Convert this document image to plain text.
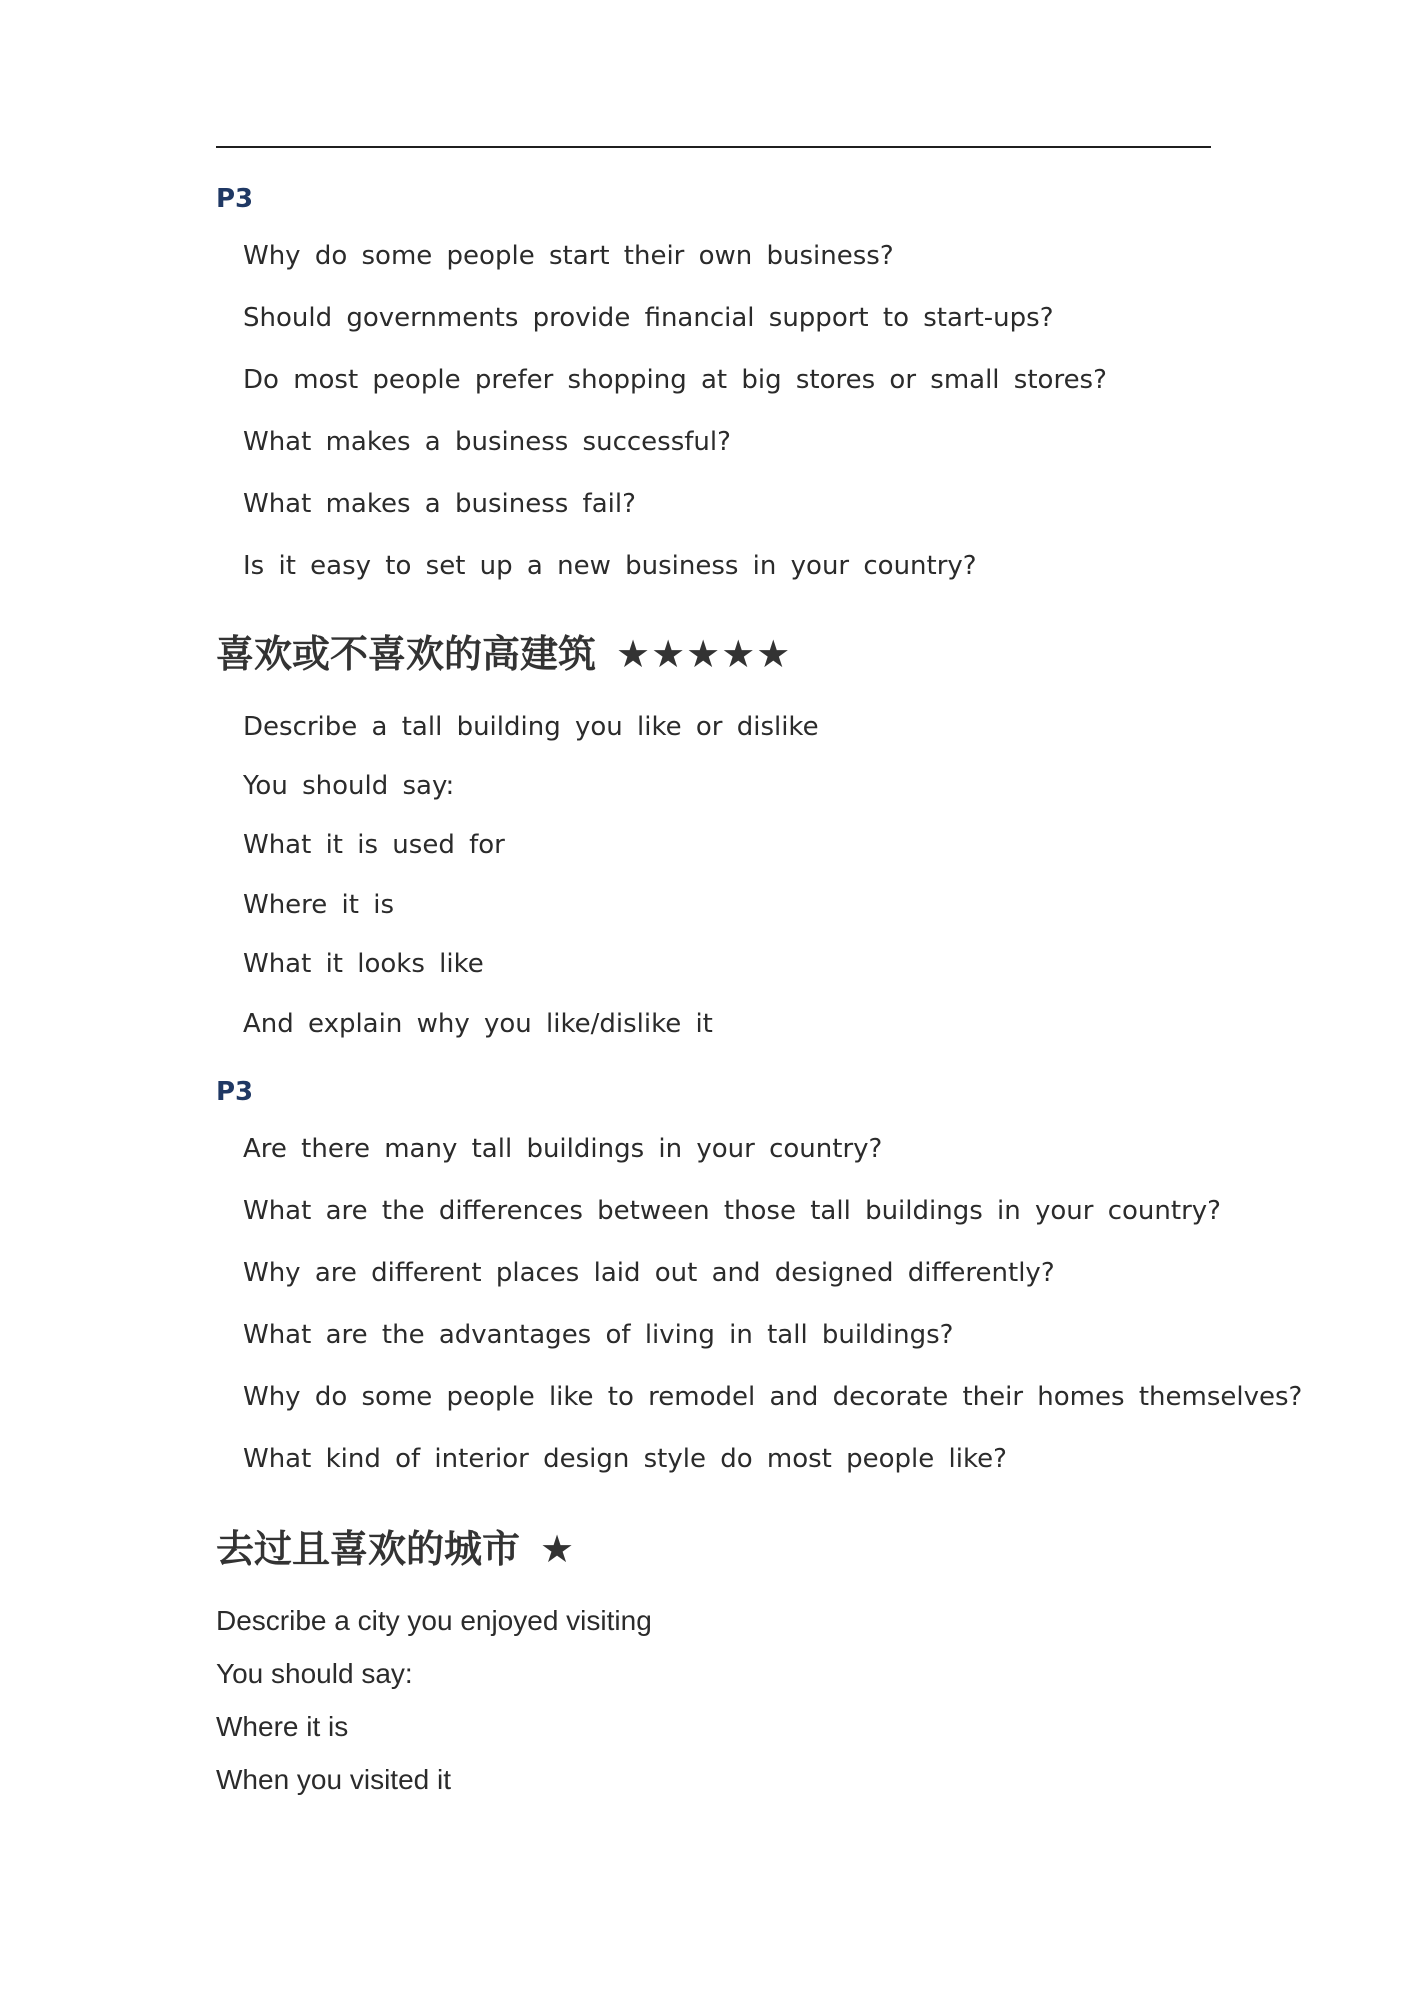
P3
Why do some people start their own business?
Should governments provide financial support to start-ups?
Do most people prefer shopping at big stores or small stores?
What makes a business successful?
What makes a business fail?
Is it easy to set up a new business in your country?
喜欢或不喜欢的高建筑 ★★★★★
Describe a tall building you like or dislike
You should say:
What it is used for
Where it is
What it looks like
And explain why you like/dislike it
P3
Are there many tall buildings in your country?
What are the differences between those tall buildings in your country?
Why are different places laid out and designed differently?
What are the advantages of living in tall buildings?
Why do some people like to remodel and decorate their homes themselves?
What kind of interior design style do most people like?
去过且喜欢的城市 ★
Describe a city you enjoyed visiting
You should say:
Where it is
When you visited it
